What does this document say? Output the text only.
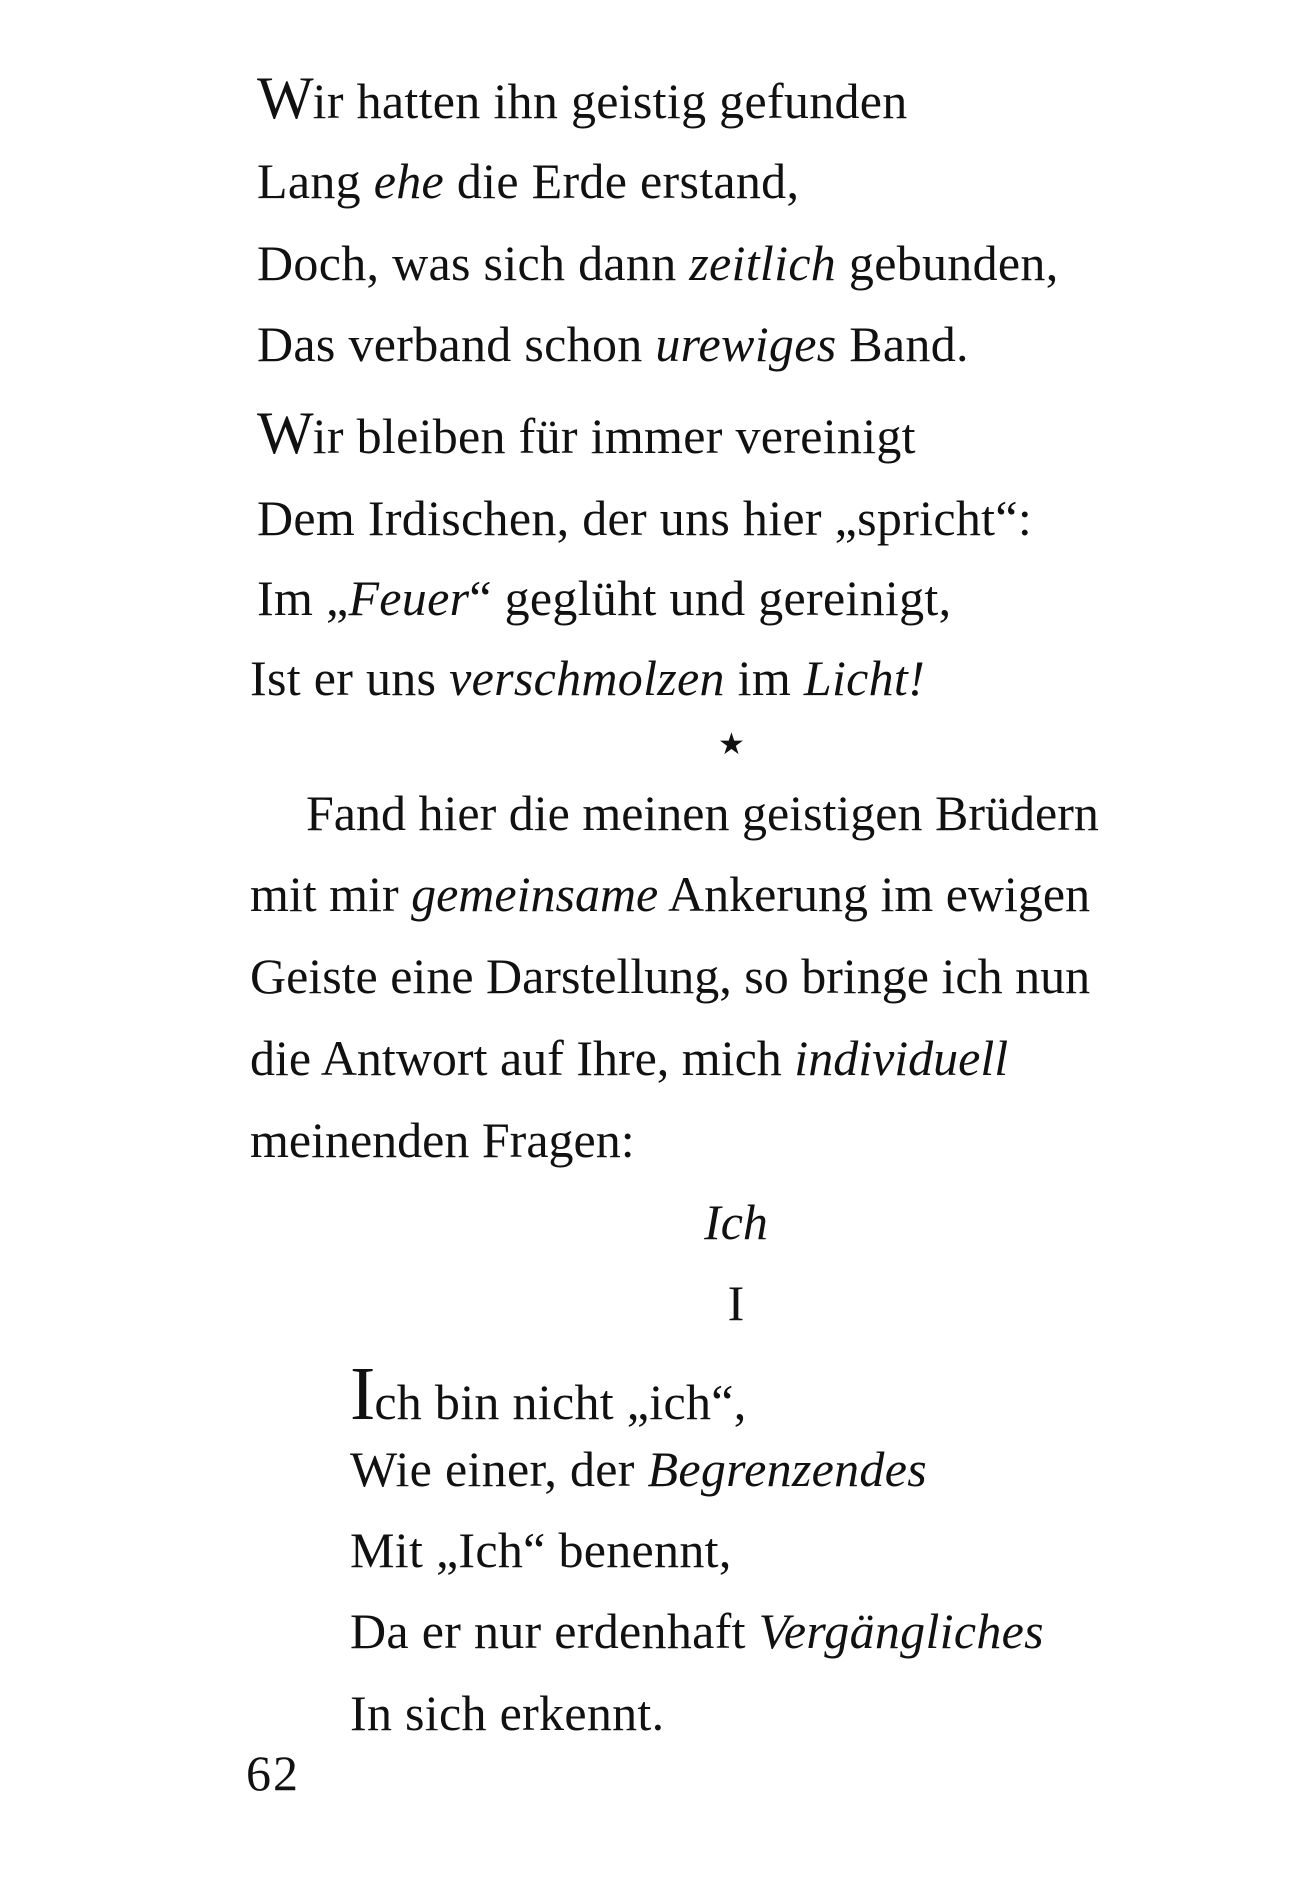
Wir hatten ihn geistig gefunden
Lang ehe die Erde erstand,
Doch, was sich dann zeitlich gebunden,
Das verband schon urewiges Band.
Wir bleiben für immer vereinigt
Dem Irdischen, der uns hier „spricht“:
Im „Feuer“ geglüht und gereinigt,
Ist er uns verschmolzen im Licht!
★
Fand hier die meinen geistigen Brüdern
mit mir gemeinsame Ankerung im ewigen
Geiste eine Darstellung, so bringe ich nun
die Antwort auf Ihre, mich individuell
meinenden Fragen:
Ich
I
Ich bin nicht „ich“,
Wie einer, der Begrenzendes
Mit „Ich“ benennt,
Da er nur erdenhaft Vergängliches
In sich erkennt.
62
